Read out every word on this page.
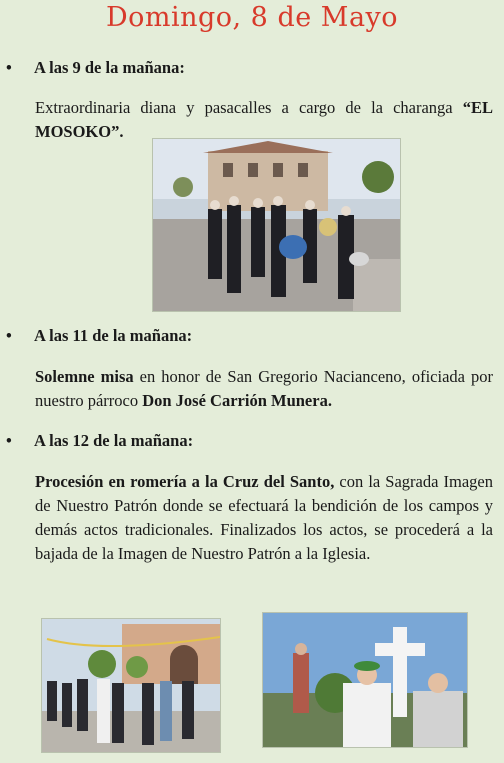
Domingo, 8 de Mayo
• A las 9 de la mañana:
Extraordinaria diana y pasacalles a cargo de la charanga “EL MOSOKO”.
• A las 11 de la mañana:
Solemne misa en honor de San Gregorio Nacianceno, oficiada por nuestro párroco Don José Carrión Munera.
• A las 12 de la mañana:
Procesión en romería a la Cruz del Santo, con la Sagrada Imagen de Nuestro Patrón donde se efectuará la bendición de los campos y demás actos tradicionales. Finalizados los actos, se procederá a la bajada de la Imagen de Nuestro Patrón a la Iglesia.
